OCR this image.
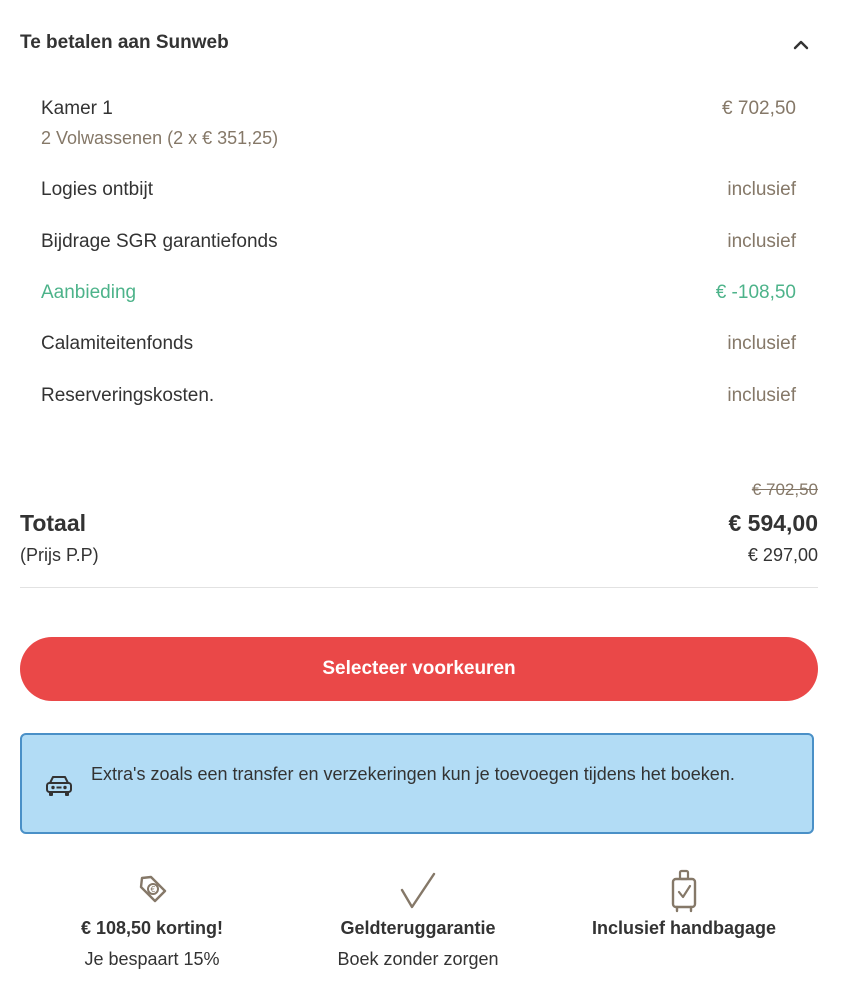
Te betalen aan Sunweb
Kamer 1	€ 702,50
2 Volwassenen (2 x € 351,25)
Logies ontbijt	inclusief
Bijdrage SGR garantiefonds	inclusief
Aanbieding	€ -108,50
Calamiteitenfonds	inclusief
Reserveringskosten.	inclusief
€ 702,50
Totaal	€ 594,00
(Prijs P.P)	€ 297,00
Selecteer voorkeuren
Extra's zoals een transfer en verzekeringen kun je toevoegen tijdens het boeken.
€
€ 108,50 korting!
Je bespaart 15%
Geldteruggarantie
Boek zonder zorgen
Inclusief handbagage
